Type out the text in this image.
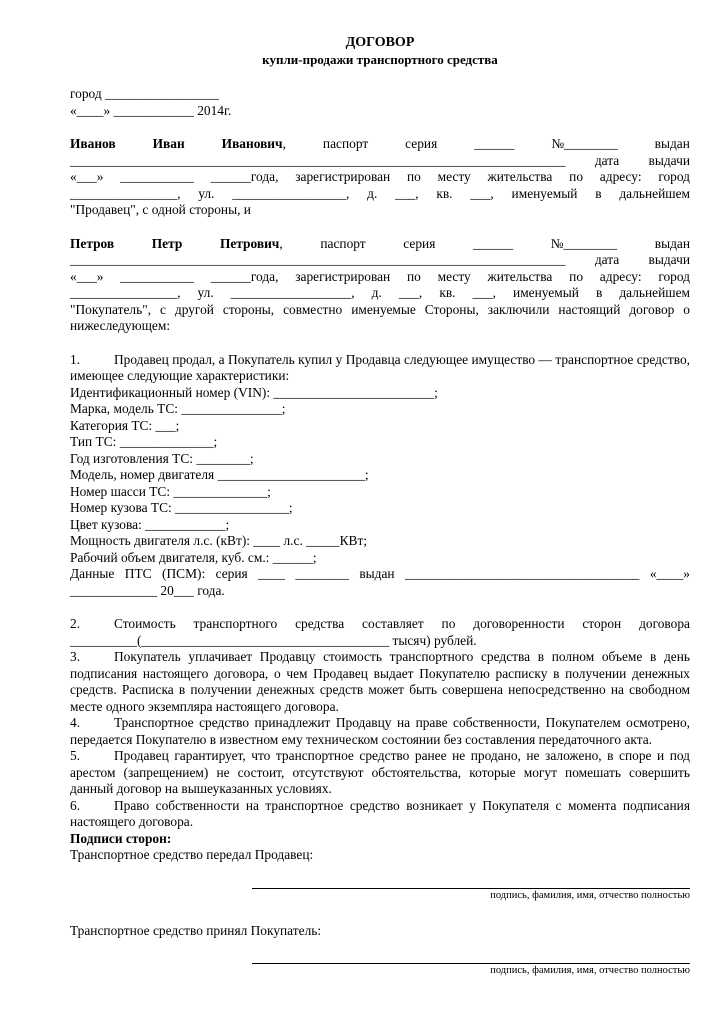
ДОГОВОР
купли-продажи транспортного средства
город _________________
«____» ____________ 2014г.
Иванов	Иван	Иванович,	паспорт	серия	______	№________	выдан
__________________________________________________________________________ дата выдачи
«___» ___________ ______года, зарегистрирован по месту жительства по адресу: город
________________, ул. _________________, д. ___, кв. ___, именуемый в дальнейшем
"Продавец", с одной стороны, и
Петров	Петр	Петрович,	паспорт	серия	______	№________	выдан
__________________________________________________________________________ дата выдачи
«___» ___________ ______года, зарегистрирован по месту жительства по адресу: город
________________, ул. __________________, д. ___, кв. ___, именуемый в дальнейшем
"Покупатель", с другой стороны, совместно именуемые Стороны, заключили настоящий договор о нижеследующем:
1.	Продавец продал, а Покупатель купил у Продавца следующее имущество — транспортное средство, имеющее следующие характеристики:
Идентификационный номер (VIN): ________________________;
Марка, модель ТС: _______________;
Категория ТС: ___;
Тип ТС: ______________;
Год изготовления ТС: ________;
Модель, номер двигателя ______________________;
Номер шасси ТС: ______________;
Номер кузова ТС: _________________;
Цвет кузова: ____________;
Мощность двигателя л.с. (кВт): ____ л.с. _____КВт;
Рабочий объем двигателя, куб. см.: ______;
Данные ПТС (ПСМ): серия ____ ________ выдан ___________________________________ «____»
_____________ 20___ года.
2.	Стоимость транспортного средства составляет по договоренности сторон договора __________(_____________________________________ тысяч) рублей.
3.	Покупатель уплачивает Продавцу стоимость транспортного средства в полном объеме в день подписания настоящего договора, о чем Продавец выдает Покупателю расписку в получении денежных средств. Расписка в получении денежных средств может быть совершена непосредственно на свободном месте одного экземпляра настоящего договора.
4.	Транспортное средство принадлежит Продавцу на праве собственности, Покупателем осмотрено, передается Покупателю в известном ему техническом состоянии без составления передаточного акта.
5.	Продавец гарантирует, что транспортное средство ранее не продано, не заложено, в споре и под арестом (запрещением) не состоит, отсутствуют обстоятельства, которые могут помешать совершить данный договор на вышеуказанных условиях.
6.	Право собственности на транспортное средство возникает у Покупателя с момента подписания настоящего договора.
Подписи сторон:
Транспортное средство передал Продавец:
подпись, фамилия, имя, отчество полностью
Транспортное средство принял Покупатель:
подпись, фамилия, имя, отчество полностью
